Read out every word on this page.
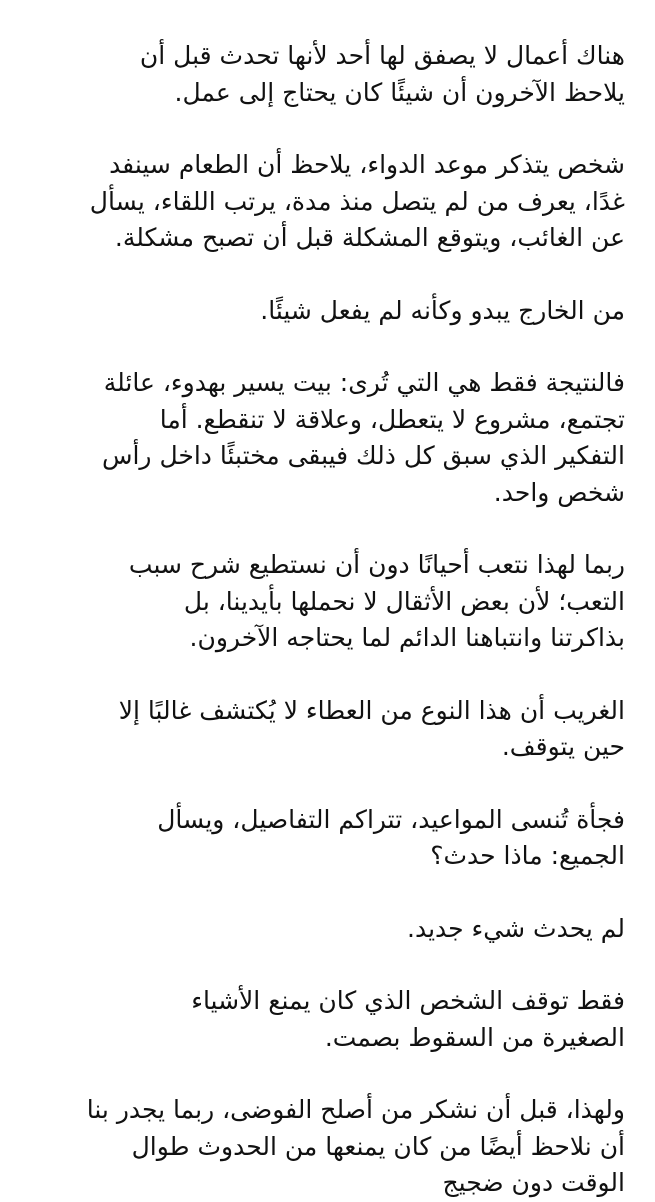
هناك أعمال لا يصفق لها أحد لأنها تحدث قبل أن
يلاحظ الآخرون أن شيئًا كان يحتاج إلى عمل.

شخص يتذكر موعد الدواء، يلاحظ أن الطعام سينفد
غدًا، يعرف من لم يتصل منذ مدة، يرتب اللقاء، يسأل
عن الغائب، ويتوقع المشكلة قبل أن تصبح مشكلة.

من الخارج يبدو وكأنه لم يفعل شيئًا.

فالنتيجة فقط هي التي تُرى: بيت يسير بهدوء، عائلة
تجتمع، مشروع لا يتعطل، وعلاقة لا تنقطع. أما
التفكير الذي سبق كل ذلك فيبقى مختبئًا داخل رأس
شخص واحد.

ربما لهذا نتعب أحيانًا دون أن نستطيع شرح سبب
التعب؛ لأن بعض الأثقال لا نحملها بأيدينا، بل
بذاكرتنا وانتباهنا الدائم لما يحتاجه الآخرون.

الغريب أن هذا النوع من العطاء لا يُكتشف غالبًا إلا
حين يتوقف.

فجأة تُنسى المواعيد، تتراكم التفاصيل، ويسأل
الجميع: ماذا حدث؟

لم يحدث شيء جديد.

فقط توقف الشخص الذي كان يمنع الأشياء
الصغيرة من السقوط بصمت.

ولهذا، قبل أن نشكر من أصلح الفوضى، ربما يجدر بنا
أن نلاحظ أيضًا من كان يمنعها من الحدوث طوال
الوقت دون ضجيج
